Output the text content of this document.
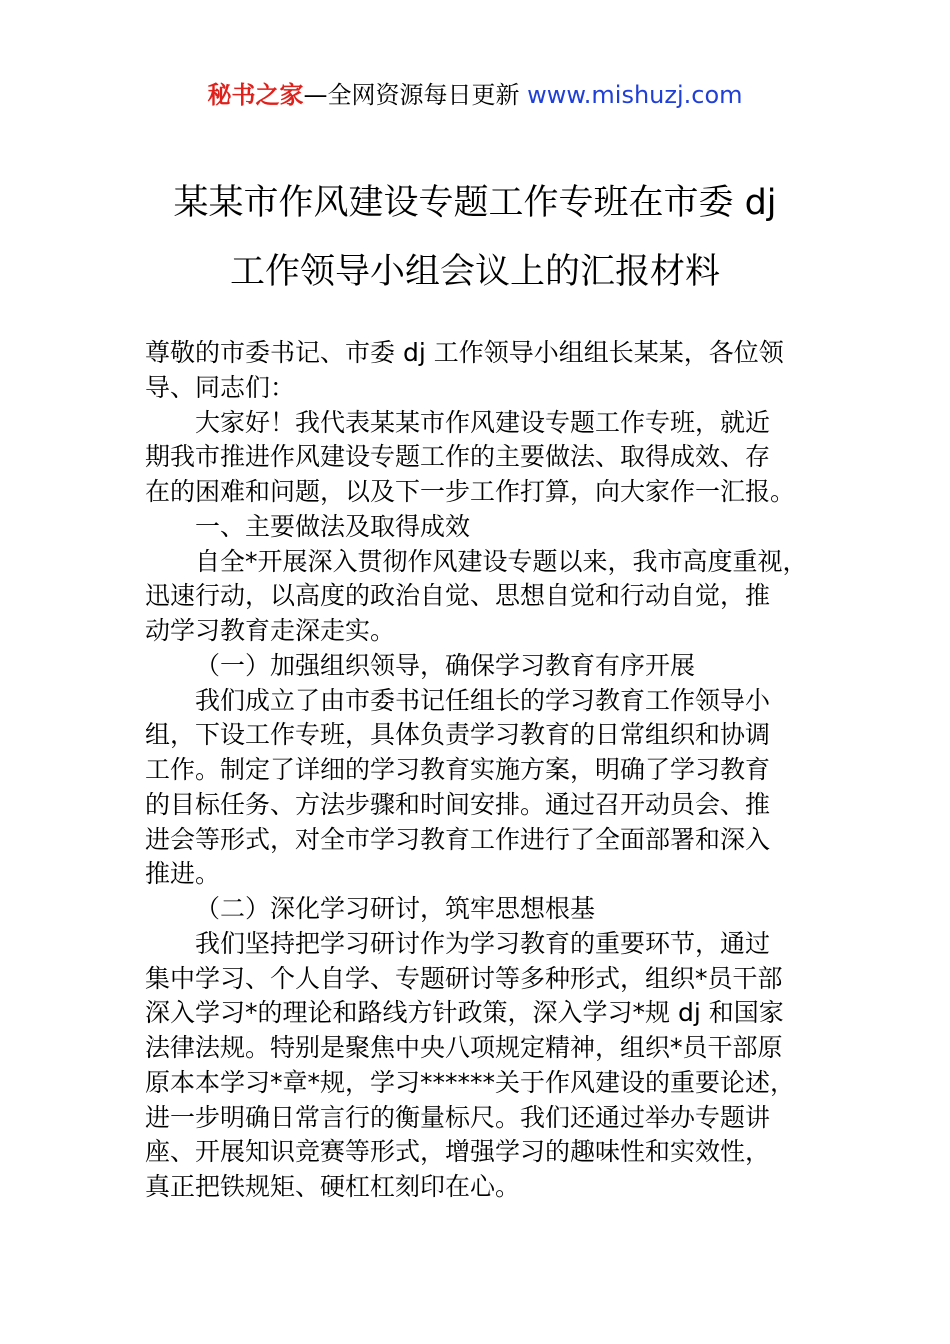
秘书之家—全网资源每日更新 www.mishuzj.com
某某市作风建设专题工作专班在市委 dj
工作领导小组会议上的汇报材料
尊敬的市委书记、市委 dj 工作领导小组组长某某，各位领
导、同志们：
大家好！我代表某某市作风建设专题工作专班，就近
期我市推进作风建设专题工作的主要做法、取得成效、存
在的困难和问题，以及下一步工作打算，向大家作一汇报。
一、主要做法及取得成效
自全*开展深入贯彻作风建设专题以来，我市高度重视，
迅速行动，以高度的政治自觉、思想自觉和行动自觉，推
动学习教育走深走实。
（一）加强组织领导，确保学习教育有序开展
我们成立了由市委书记任组长的学习教育工作领导小
组，下设工作专班，具体负责学习教育的日常组织和协调
工作。制定了详细的学习教育实施方案，明确了学习教育
的目标任务、方法步骤和时间安排。通过召开动员会、推
进会等形式，对全市学习教育工作进行了全面部署和深入
推进。
（二）深化学习研讨，筑牢思想根基
我们坚持把学习研讨作为学习教育的重要环节，通过
集中学习、个人自学、专题研讨等多种形式，组织*员干部
深入学习*的理论和路线方针政策，深入学习*规 dj 和国家
法律法规。特别是聚焦中央八项规定精神，组织*员干部原
原本本学习*章*规，学习******关于作风建设的重要论述，
进一步明确日常言行的衡量标尺。我们还通过举办专题讲
座、开展知识竞赛等形式，增强学习的趣味性和实效性，
真正把铁规矩、硬杠杠刻印在心。
